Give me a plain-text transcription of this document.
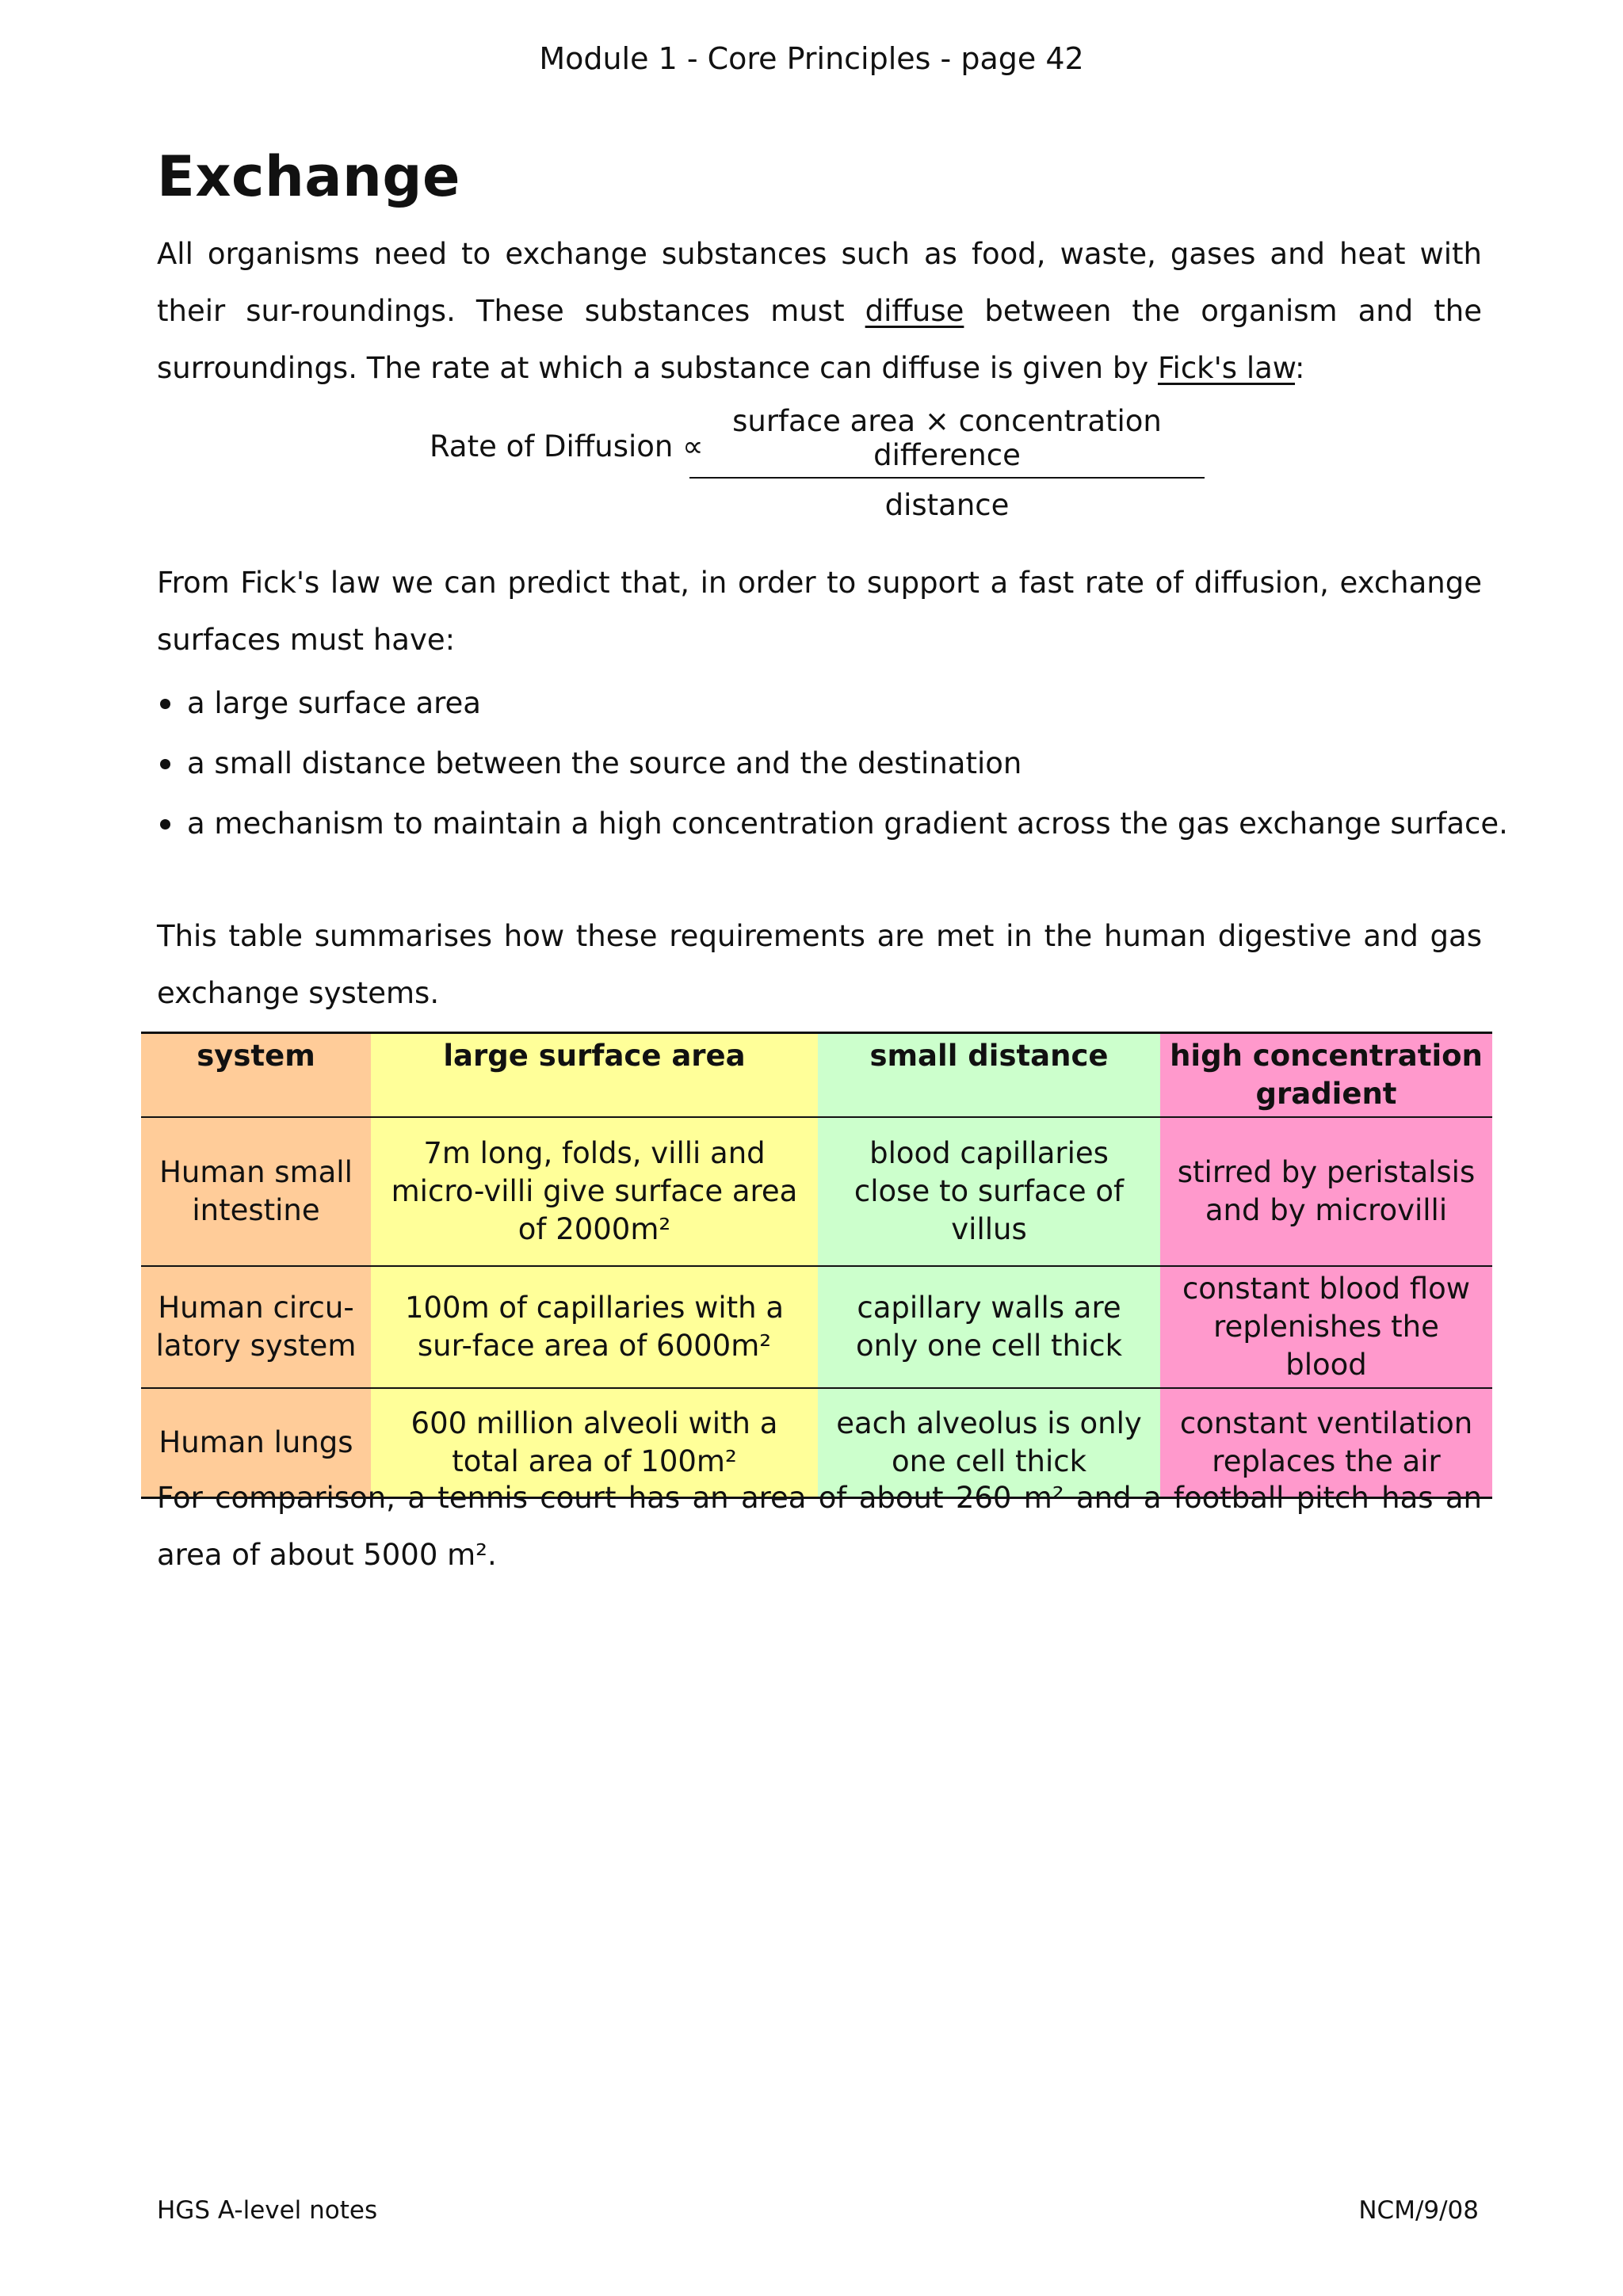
Module 1 - Core Principles - page 42
Exchange

All organisms need to exchange substances such as food, waste, gases and heat with their sur-roundings. These substances must diffuse between the organism and the surroundings. The rate at which a substance can diffuse is given by Fick's law:

Rate of Diffusion ∝
surface area × concentration difference
distance

From Fick's law we can predict that, in order to support a fast rate of diffusion, exchange surfaces must have:

a large surface area
a small distance between the source and the destination
a mechanism to maintain a high concentration gradient across the gas exchange surface.

This table summarises how these requirements are met in the human digestive and gas exchange systems.

system	large surface area	small distance	high concentration gradient
Human small intestine	7m long, folds, villi and micro-villi give surface area of 2000m²	blood capillaries close to surface of villus	stirred by peristalsis and by microvilli
Human circu-latory system	100m of capillaries with a sur-face area of 6000m²	capillary walls are only one cell thick	constant blood flow replenishes the blood
Human lungs	600 million alveoli with a total area of 100m²	each alveolus is only one cell thick	constant ventilation replaces the air

For comparison, a tennis court has an area of about 260 m² and a football pitch has an area of about 5000 m².

HGS A-level notes	NCM/9/08
